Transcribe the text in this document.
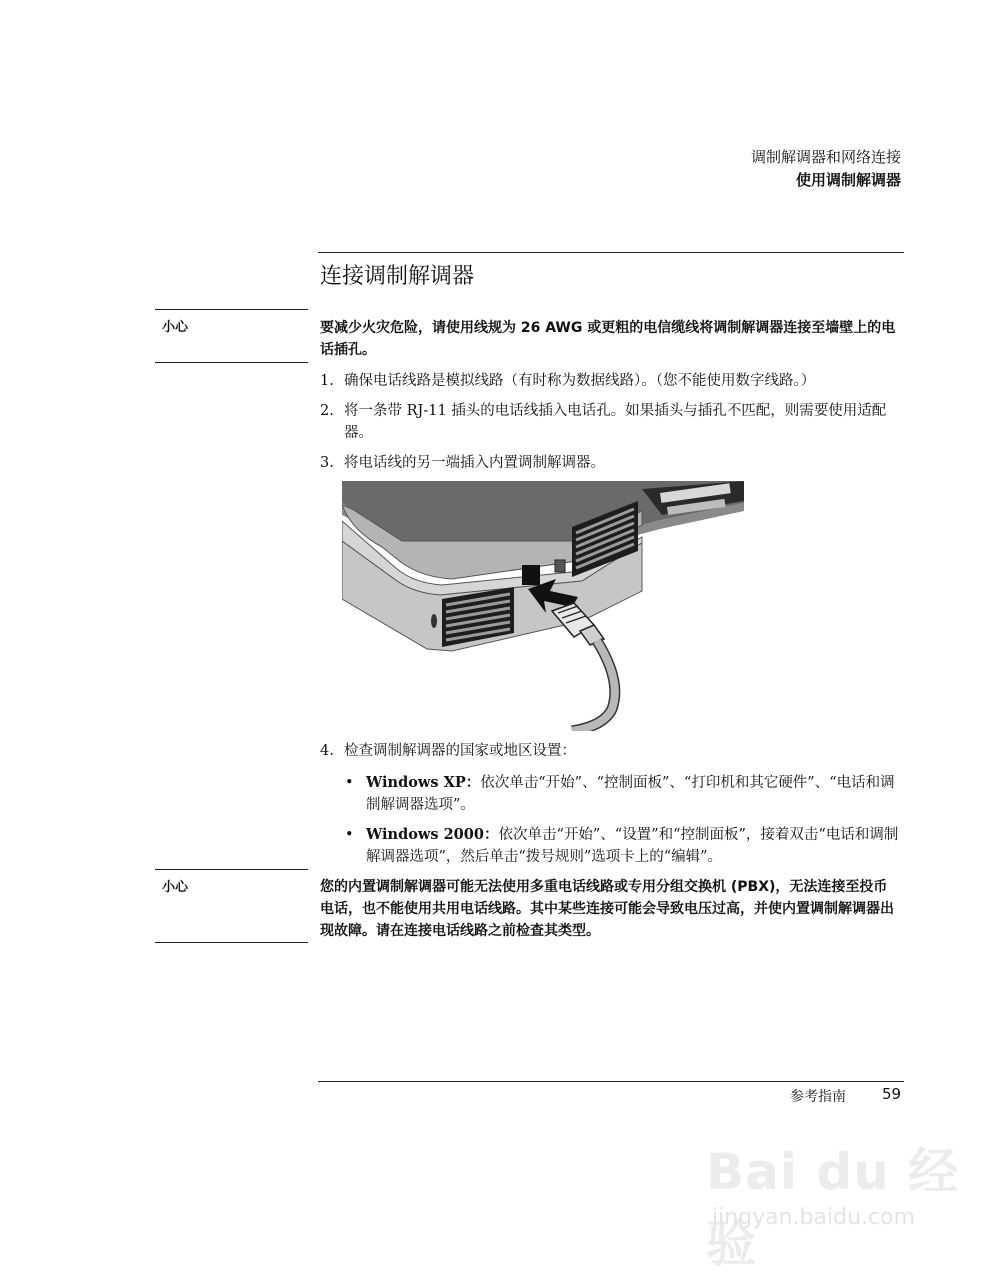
调制解调器和网络连接
使用调制解调器
连接调制解调器
小心	要减少火灾危险，请使用线规为 26 AWG 或更粗的电信缆线将调制解调器连接至墙壁上的电话插孔。
1. 确保电话线路是模拟线路（有时称为数据线路）。（您不能使用数字线路。）
2. 将一条带 RJ-11 插头的电话线插入电话孔。如果插头与插孔不匹配，则需要使用适配器。
3. 将电话线的另一端插入内置调制解调器。
4. 检查调制解调器的国家或地区设置：
• Windows XP：依次单击“开始”、“控制面板”、“打印机和其它硬件”、“电话和调制解调器选项”。
• Windows 2000：依次单击“开始”、“设置”和“控制面板”，接着双击“电话和调制解调器选项”，然后单击“拨号规则”选项卡上的“编辑”。
小心	您的内置调制解调器可能无法使用多重电话线路或专用分组交换机 (PBX)，无法连接至投币电话，也不能使用共用电话线路。其中某些连接可能会导致电压过高，并使内置调制解调器出现故障。请在连接电话线路之前检查其类型。
参考指南 59
Bai du 经验
jingyan.baidu.com
